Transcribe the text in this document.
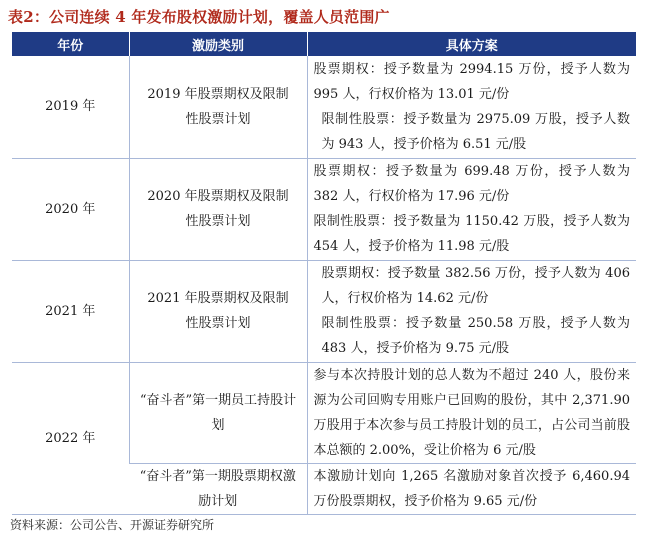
表2：公司连续 4 年发布股权激励计划，覆盖人员范围广
年份	激励类别	具体方案
2019 年	2019 年股票期权及限制性股票计划	股票期权：授予数量为 2994.15 万份，授予人数为 995 人，行权价格为 13.01 元/份
限制性股票：授予数量为 2975.09 万股，授予人数为 943 人，授予价格为 6.51 元/股

2020 年	2020 年股票期权及限制性股票计划	股票期权：授予数量为 699.48 万份，授予人数为 382 人，行权价格为 17.96 元/份
限制性股票：授予数量为 1150.42 万股，授予人数为 454 人，授予价格为 11.98 元/股

2021 年	2021 年股票期权及限制性股票计划	股票期权：授予数量 382.56 万份，授予人数为 406 人，行权价格为 14.62 元/份
限制性股票：授予数量 250.58 万股，授予人数为 483 人，授予价格为 9.75 元/股

2022 年	“奋斗者”第一期员工持股计划	参与本次持股计划的总人数为不超过 240 人，股份来源为公司回购专用账户已回购的股份，其中 2,371.90 万股用于本次参与员工持股计划的员工，占公司当前股本总额的 2.00%，受让价格为 6 元/股
	“奋斗者”第一期股票期权激励计划	本激励计划向 1,265 名激励对象首次授予 6,460.94 万份股票期权，授予价格为 9.65 元/份
资料来源：公司公告、开源证券研究所
